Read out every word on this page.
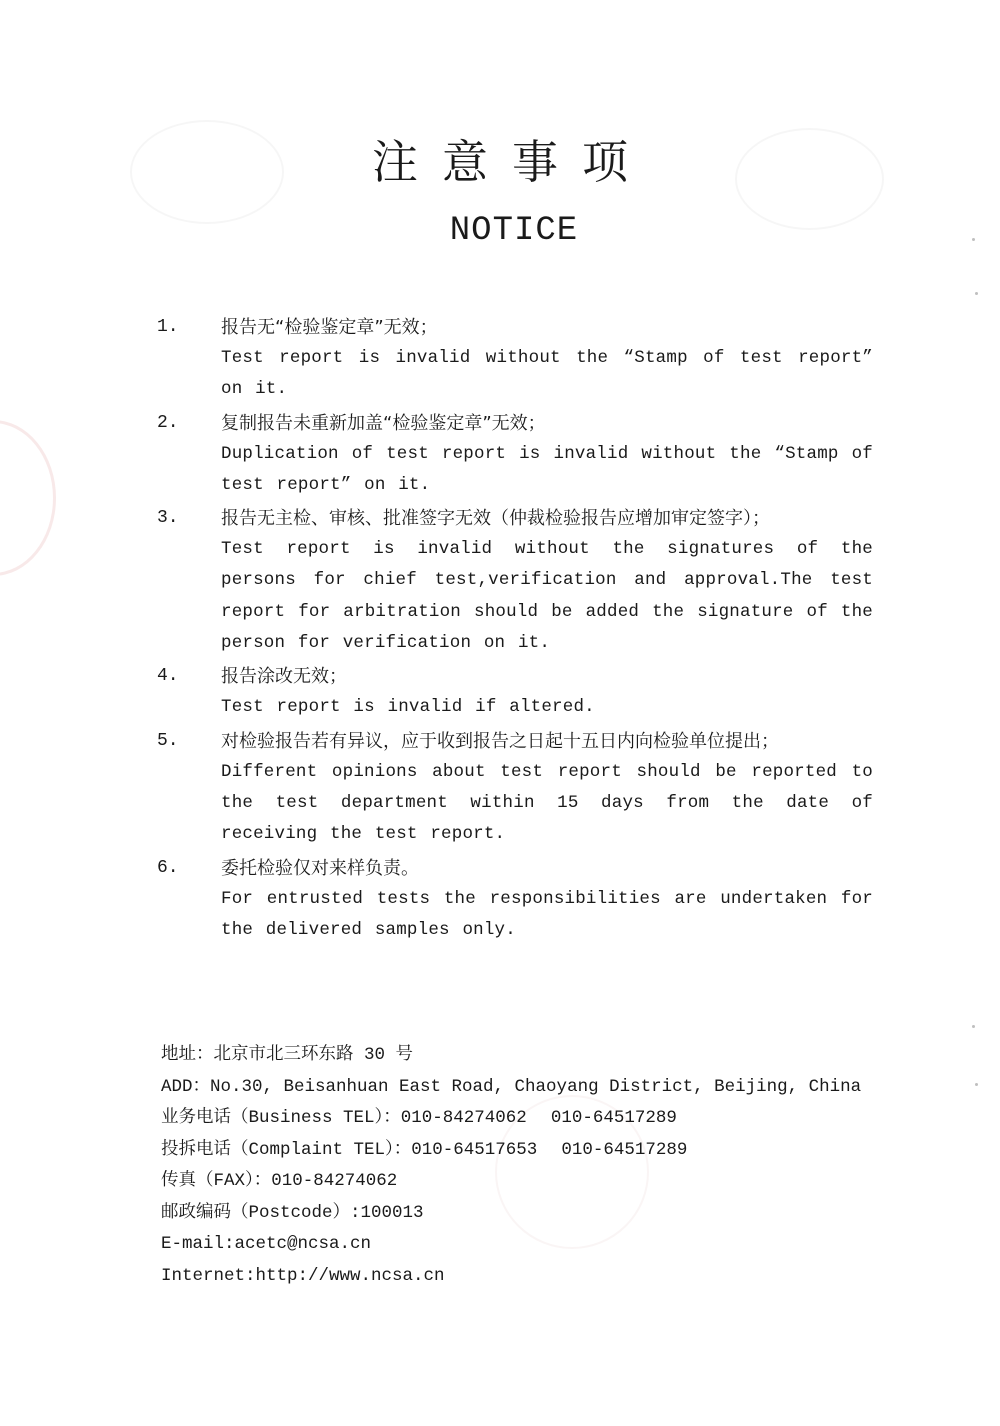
注意事项
NOTICE
1. 报告无“检验鉴定章”无效；
Test report is invalid without the “Stamp of test report” on it.
2. 复制报告未重新加盖“检验鉴定章”无效；
Duplication of test report is invalid without the “Stamp of test report” on it.
3. 报告无主检、审核、批准签字无效（仲裁检验报告应增加审定签字）；
Test report is invalid without the signatures of the persons for chief test,verification and approval.The test report for arbitration should be added the signature of the person for verification on it.
4. 报告涂改无效；
Test report is invalid if altered.
5. 对检验报告若有异议，应于收到报告之日起十五日内向检验单位提出；
Different opinions about test report should be reported to the test department within 15 days from the date of receiving the test report.
6. 委托检验仅对来样负责。
For entrusted tests the responsibilities are undertaken for the delivered samples only.
地址：北京市北三环东路 30 号
ADD：No.30, Beisanhuan East Road, Chaoyang District, Beijing, China
业务电话（Business TEL）：010-84274062 010-64517289
投拆电话（Complaint TEL）：010-64517653 010-64517289
传真（FAX）：010-84274062
邮政编码（Postcode）:100013
E-mail:acetc@ncsa.cn
Internet:http://www.ncsa.cn
